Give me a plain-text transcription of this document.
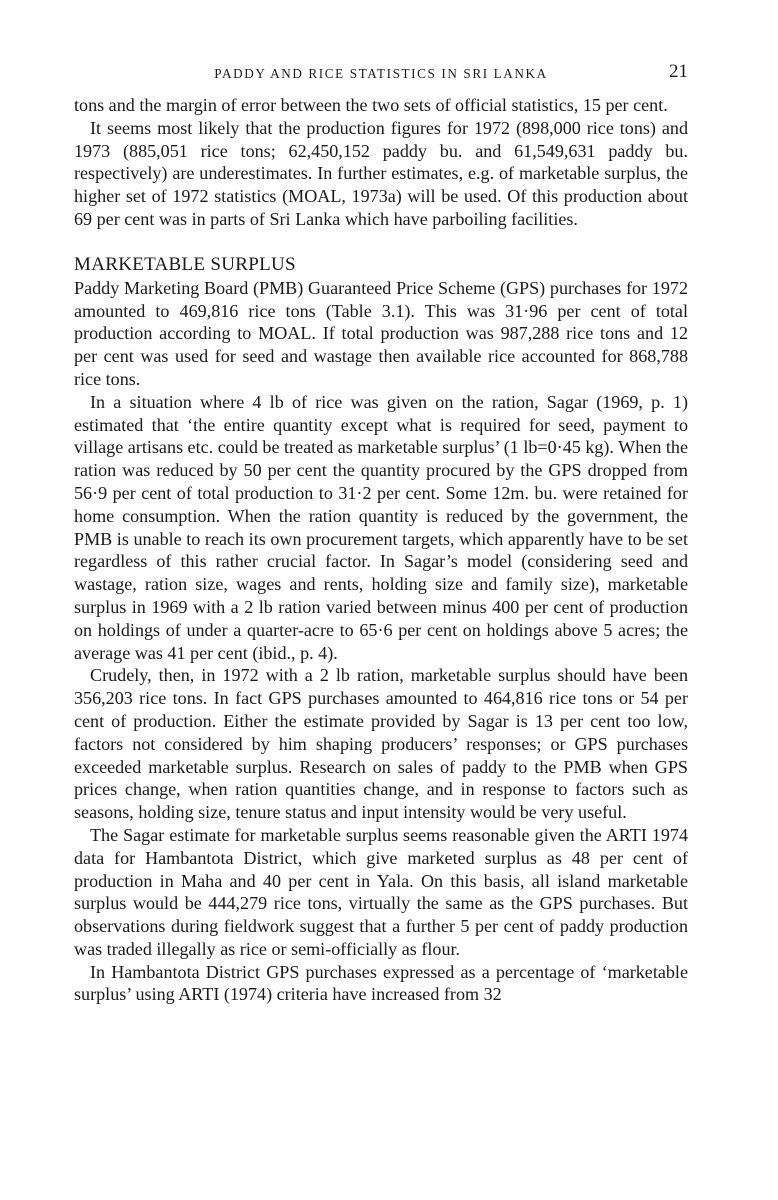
PADDY AND RICE STATISTICS IN SRI LANKA	21

tons and the margin of error between the two sets of official statistics, 15 per cent.

It seems most likely that the production figures for 1972 (898,000 rice tons) and 1973 (885,051 rice tons; 62,450,152 paddy bu. and 61,549,631 paddy bu. respectively) are underestimates. In further estimates, e.g. of marketable surplus, the higher set of 1972 statistics (MOAL, 1973a) will be used. Of this production about 69 per cent was in parts of Sri Lanka which have parboiling facilities.

MARKETABLE SURPLUS

Paddy Marketing Board (PMB) Guaranteed Price Scheme (GPS) purchases for 1972 amounted to 469,816 rice tons (Table 3.1). This was 31·96 per cent of total production according to MOAL. If total production was 987,288 rice tons and 12 per cent was used for seed and wastage then available rice accounted for 868,788 rice tons.

In a situation where 4 lb of rice was given on the ration, Sagar (1969, p. 1) estimated that ‘the entire quantity except what is required for seed, payment to village artisans etc. could be treated as marketable surplus’ (1 lb=0·45 kg). When the ration was reduced by 50 per cent the quantity procured by the GPS dropped from 56·9 per cent of total production to 31·2 per cent. Some 12m. bu. were retained for home consumption. When the ration quantity is reduced by the government, the PMB is unable to reach its own procurement targets, which apparently have to be set regardless of this rather crucial factor. In Sagar’s model (considering seed and wastage, ration size, wages and rents, holding size and family size), marketable surplus in 1969 with a 2 lb ration varied between minus 400 per cent of production on holdings of under a quarter-acre to 65·6 per cent on holdings above 5 acres; the average was 41 per cent (ibid., p. 4).

Crudely, then, in 1972 with a 2 lb ration, marketable surplus should have been 356,203 rice tons. In fact GPS purchases amounted to 464,816 rice tons or 54 per cent of production. Either the estimate provided by Sagar is 13 per cent too low, factors not considered by him shaping producers’ responses; or GPS purchases exceeded marketable surplus. Research on sales of paddy to the PMB when GPS prices change, when ration quantities change, and in response to factors such as seasons, holding size, tenure status and input intensity would be very useful.

The Sagar estimate for marketable surplus seems reasonable given the ARTI 1974 data for Hambantota District, which give marketed surplus as 48 per cent of production in Maha and 40 per cent in Yala. On this basis, all island marketable surplus would be 444,279 rice tons, virtually the same as the GPS purchases. But observations during fieldwork suggest that a further 5 per cent of paddy production was traded illegally as rice or semi-officially as flour.

In Hambantota District GPS purchases expressed as a percentage of ‘marketable surplus’ using ARTI (1974) criteria have increased from 32
